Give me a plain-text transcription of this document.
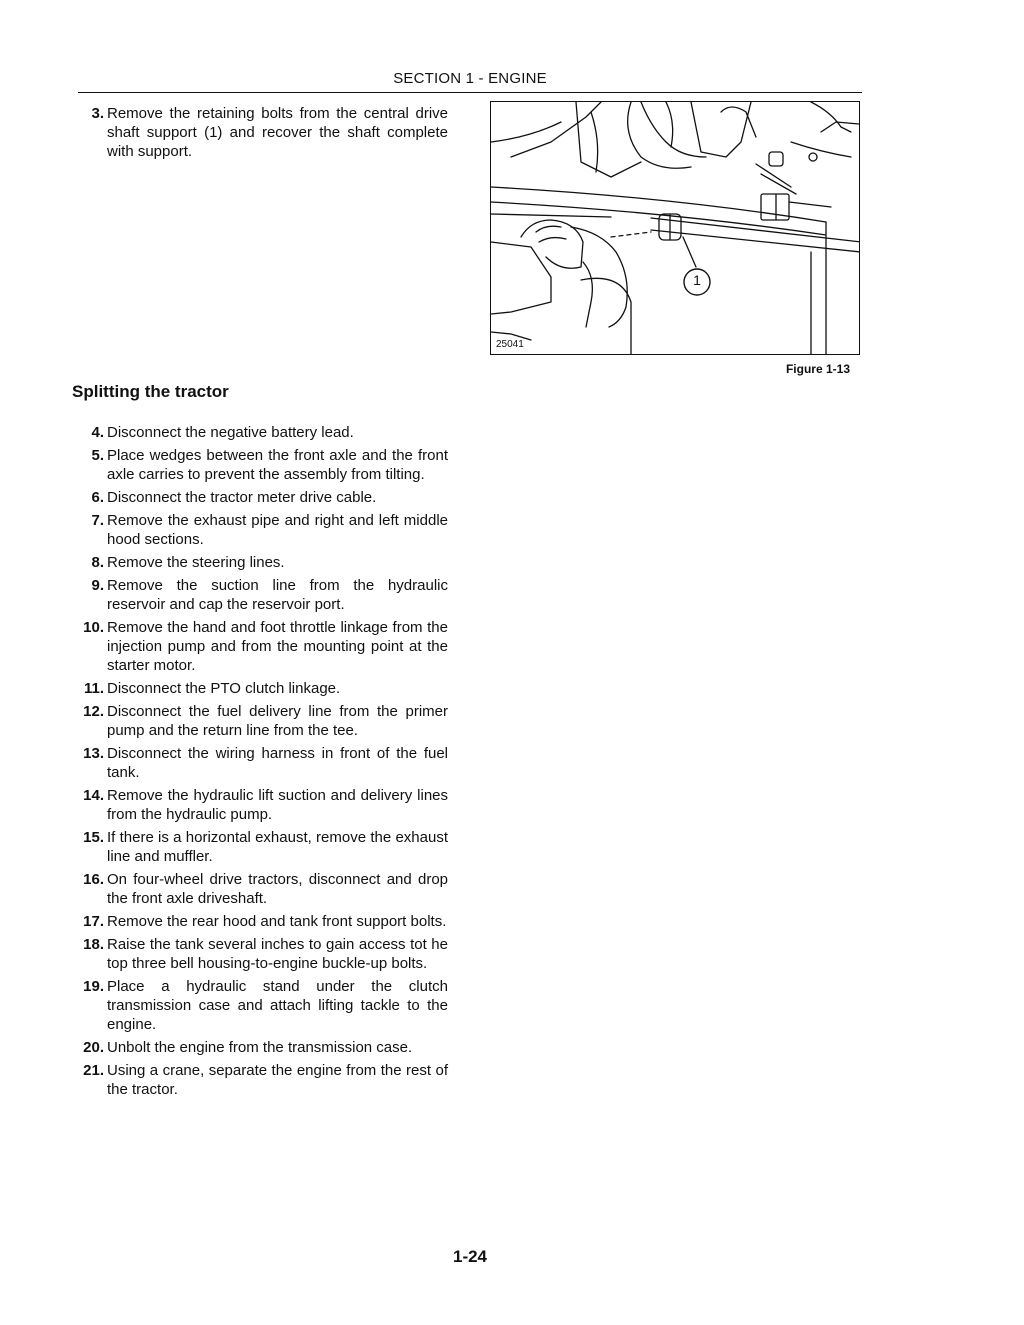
SECTION 1 - ENGINE
3. Remove the retaining bolts from the central drive shaft support (1) and recover the shaft complete with support.
1
25041
Figure 1-13
Splitting the tractor
4. Disconnect the negative battery lead.
5. Place wedges between the front axle and the front axle carries to prevent the assembly from tilting.
6. Disconnect the tractor meter drive cable.
7. Remove the exhaust pipe and right and left middle hood sections.
8. Remove the steering lines.
9. Remove the suction line from the hydraulic reservoir and cap the reservoir port.
10. Remove the hand and foot throttle linkage from the injection pump and from the mounting point at the starter motor.
11. Disconnect the PTO clutch linkage.
12. Disconnect the fuel delivery line from the primer pump and the return line from the tee.
13. Disconnect the wiring harness in front of the fuel tank.
14. Remove the hydraulic lift suction and delivery lines from the hydraulic pump.
15. If there is a horizontal exhaust, remove the exhaust line and muffler.
16. On four-wheel drive tractors, disconnect and drop the front axle driveshaft.
17. Remove the rear hood and tank front support bolts.
18. Raise the tank several inches to gain access tot he top three bell housing-to-engine buckle-up bolts.
19. Place a hydraulic stand under the clutch transmission case and attach lifting tackle to the engine.
20. Unbolt the engine from the transmission case.
21. Using a crane, separate the engine from the rest of the tractor.
1-24
